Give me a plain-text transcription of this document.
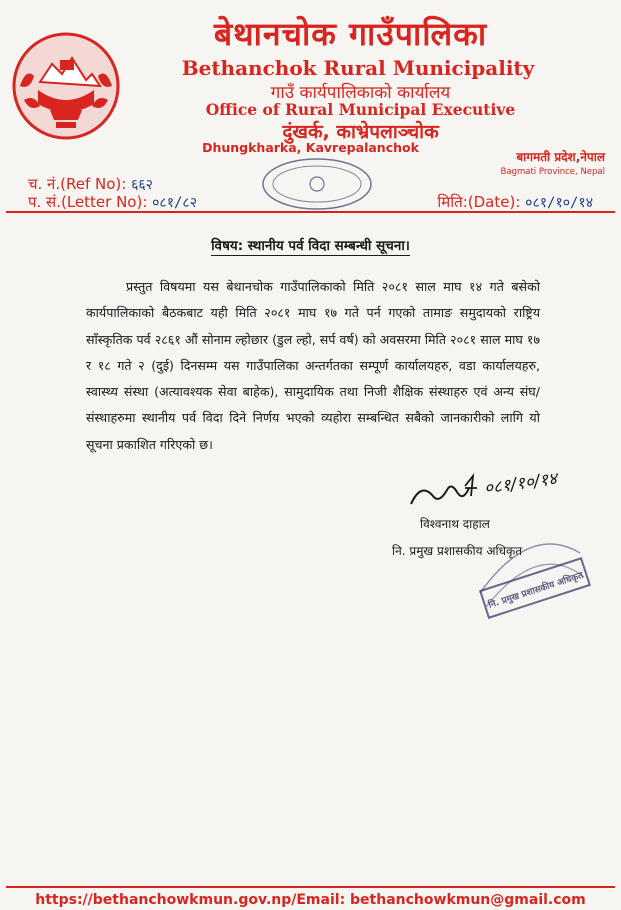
बेथानचोक गाउँपालिका
Bethanchok Rural Municipality
गाउँ कार्यपालिकाको कार्यालय
Office of Rural Municipal Executive
दुंखर्क, काभ्रेपलाञ्चोक
Dhungkharka, Kavrepalanchok
बागमती प्रदेश,नेपाल
Bagmati Province, Nepal
च. नं.(Ref No): ६६२
प. सं.(Letter No): ०८१/८२	मिति:(Date): ०८१/१०/१४
विषय: स्थानीय पर्व विदा सम्बन्धी सूचना।
प्रस्तुत विषयमा यस बेथानचोक गाउँपालिकाको मिति २०८१ साल माघ १४ गते बसेको कार्यपालिकाको बैठकबाट यही मिति २०८१ माघ १७ गते पर्न गएको तामाङ समुदायको राष्ट्रिय साँस्कृतिक पर्व २८६१ औं सोनाम ल्होछार (डुल ल्हो, सर्प वर्ष) को अवसरमा मिति २०८१ साल माघ १७ र १८ गते २ (दुई) दिनसम्म यस गाउँपालिका अन्तर्गतका सम्पूर्ण कार्यालयहरु, वडा कार्यालयहरु, स्वास्थ्य संस्था (अत्यावश्यक सेवा बाहेक), सामुदायिक तथा निजी शैक्षिक संस्थाहरु एवं अन्य संघ/संस्थाहरुमा स्थानीय पर्व विदा दिने निर्णय भएको व्यहोरा सम्बन्धित सबैको जानकारीको लागि यो सूचना प्रकाशित गरिएको छ।
०८१/१०/१४
विश्वनाथ दाहाल
नि. प्रमुख प्रशासकीय अधिकृत
नि. प्रमुख प्रशासकीय अधिकृत
https://bethanchowkmun.gov.np/Email: bethanchowkmun@gmail.com
